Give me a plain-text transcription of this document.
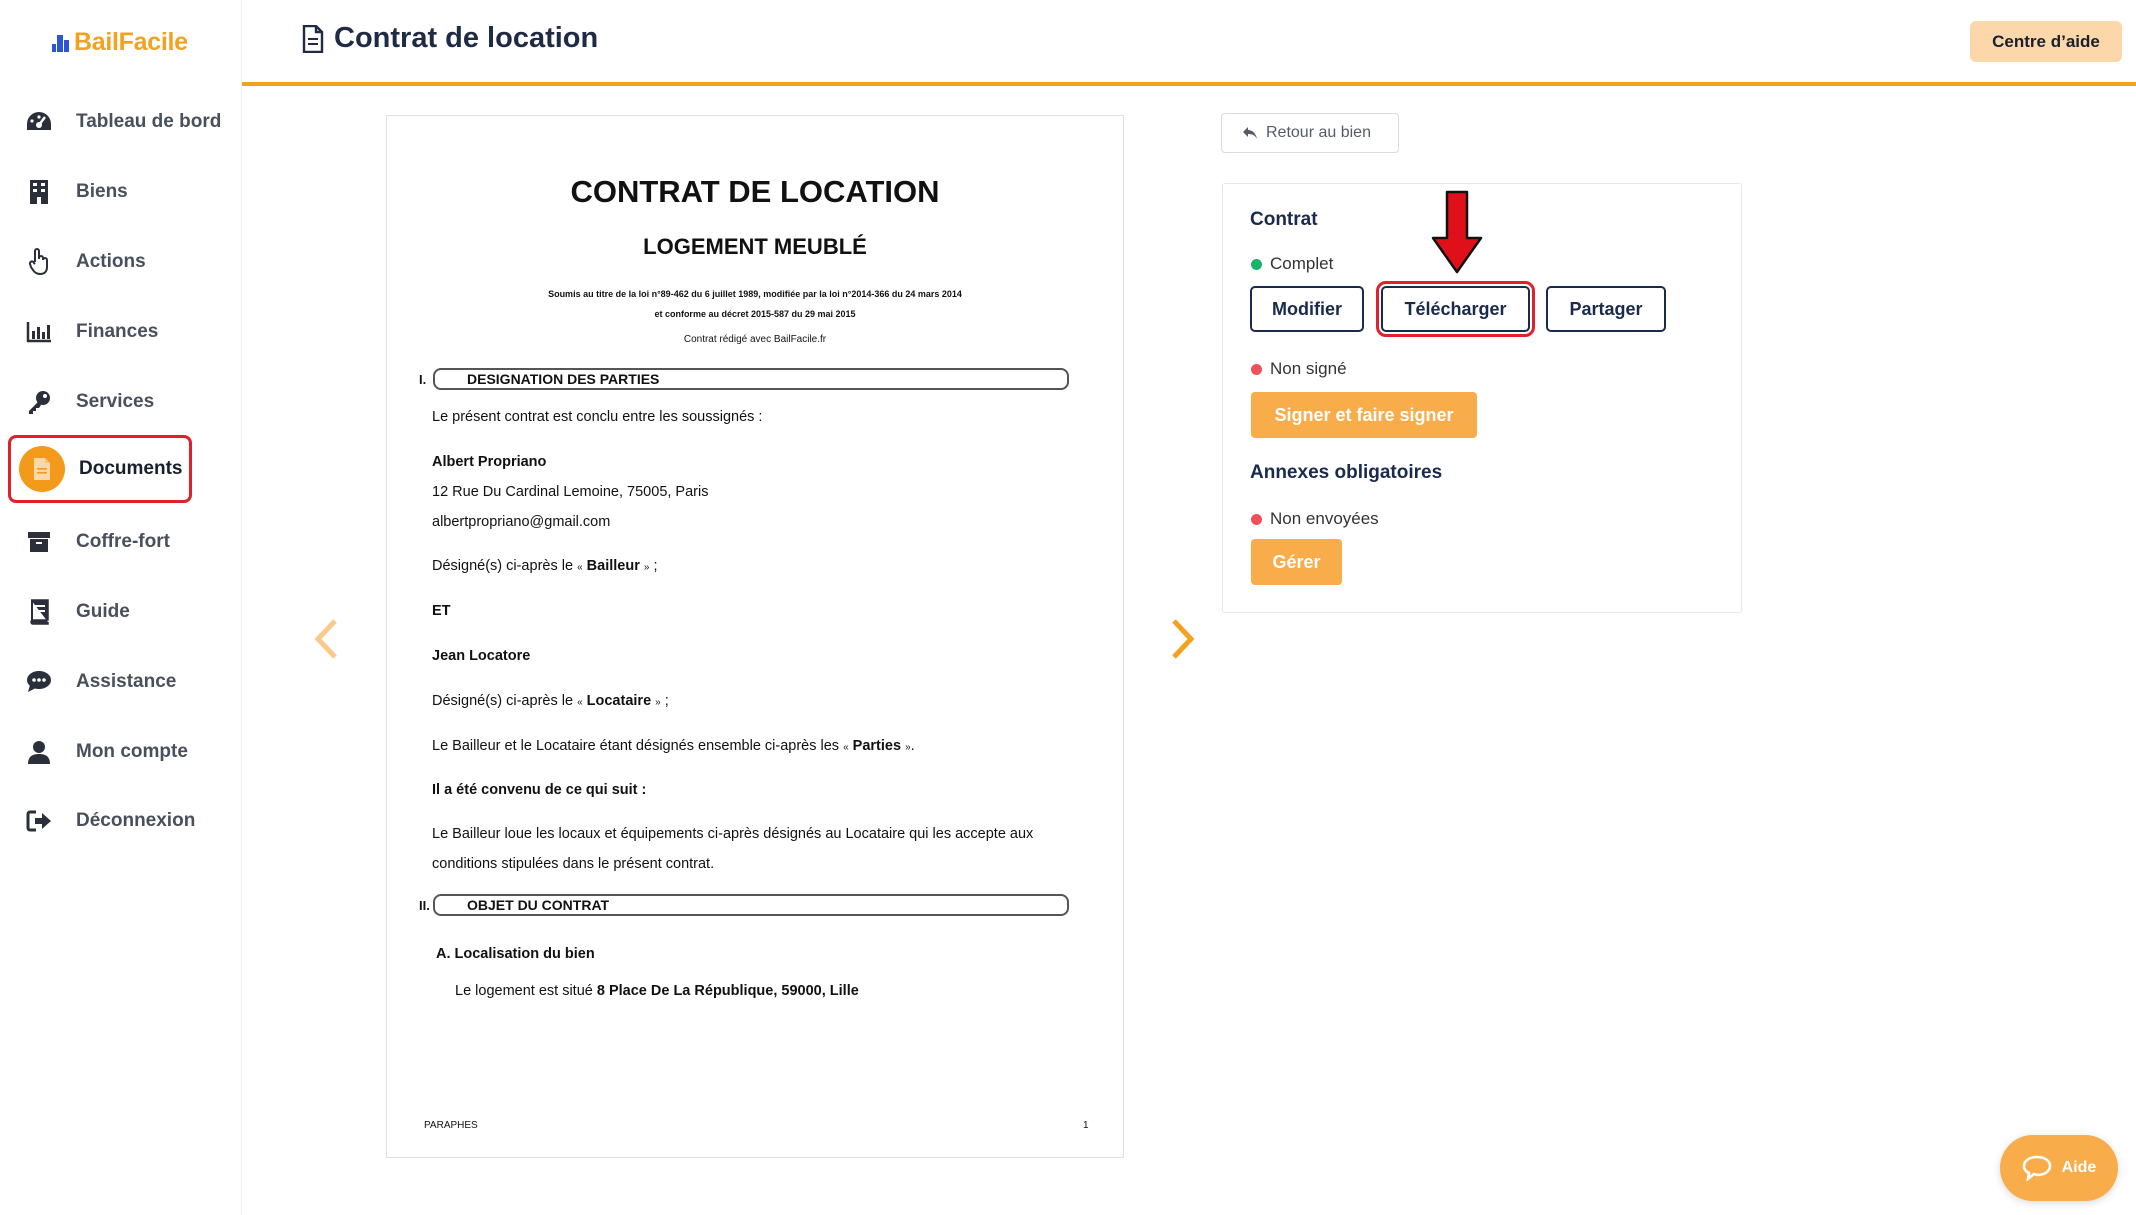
BailFacile
Tableau de bord
Biens
Actions
Finances
Services
Documents
Coffre-fort
Guide
Assistance
Mon compte
Déconnexion
Contrat de location	Centre d’aide
CONTRAT DE LOCATION
LOGEMENT MEUBLÉ
Soumis au titre de la loi n°89-462 du 6 juillet 1989, modifiée par la loi n°2014-366 du 24 mars 2014
et conforme au décret 2015-587 du 29 mai 2015
Contrat rédigé avec BailFacile.fr
I.	DESIGNATION DES PARTIES
Le présent contrat est conclu entre les soussignés :
Albert Propriano
12 Rue Du Cardinal Lemoine, 75005, Paris
albertpropriano@gmail.com
Désigné(s) ci-après le « Bailleur » ;
ET
Jean Locatore
Désigné(s) ci-après le « Locataire » ;
Le Bailleur et le Locataire étant désignés ensemble ci-après les « Parties ».
Il a été convenu de ce qui suit :
Le Bailleur loue les locaux et équipements ci-après désignés au Locataire qui les accepte aux
conditions stipulées dans le présent contrat.
II.	OBJET DU CONTRAT
A. Localisation du bien
Le logement est situé 8 Place De La République, 59000, Lille
PARAPHES	1
Retour au bien
Contrat
Complet
Modifier	Télécharger	Partager
Non signé
Signer et faire signer
Annexes obligatoires
Non envoyées
Gérer
Aide
